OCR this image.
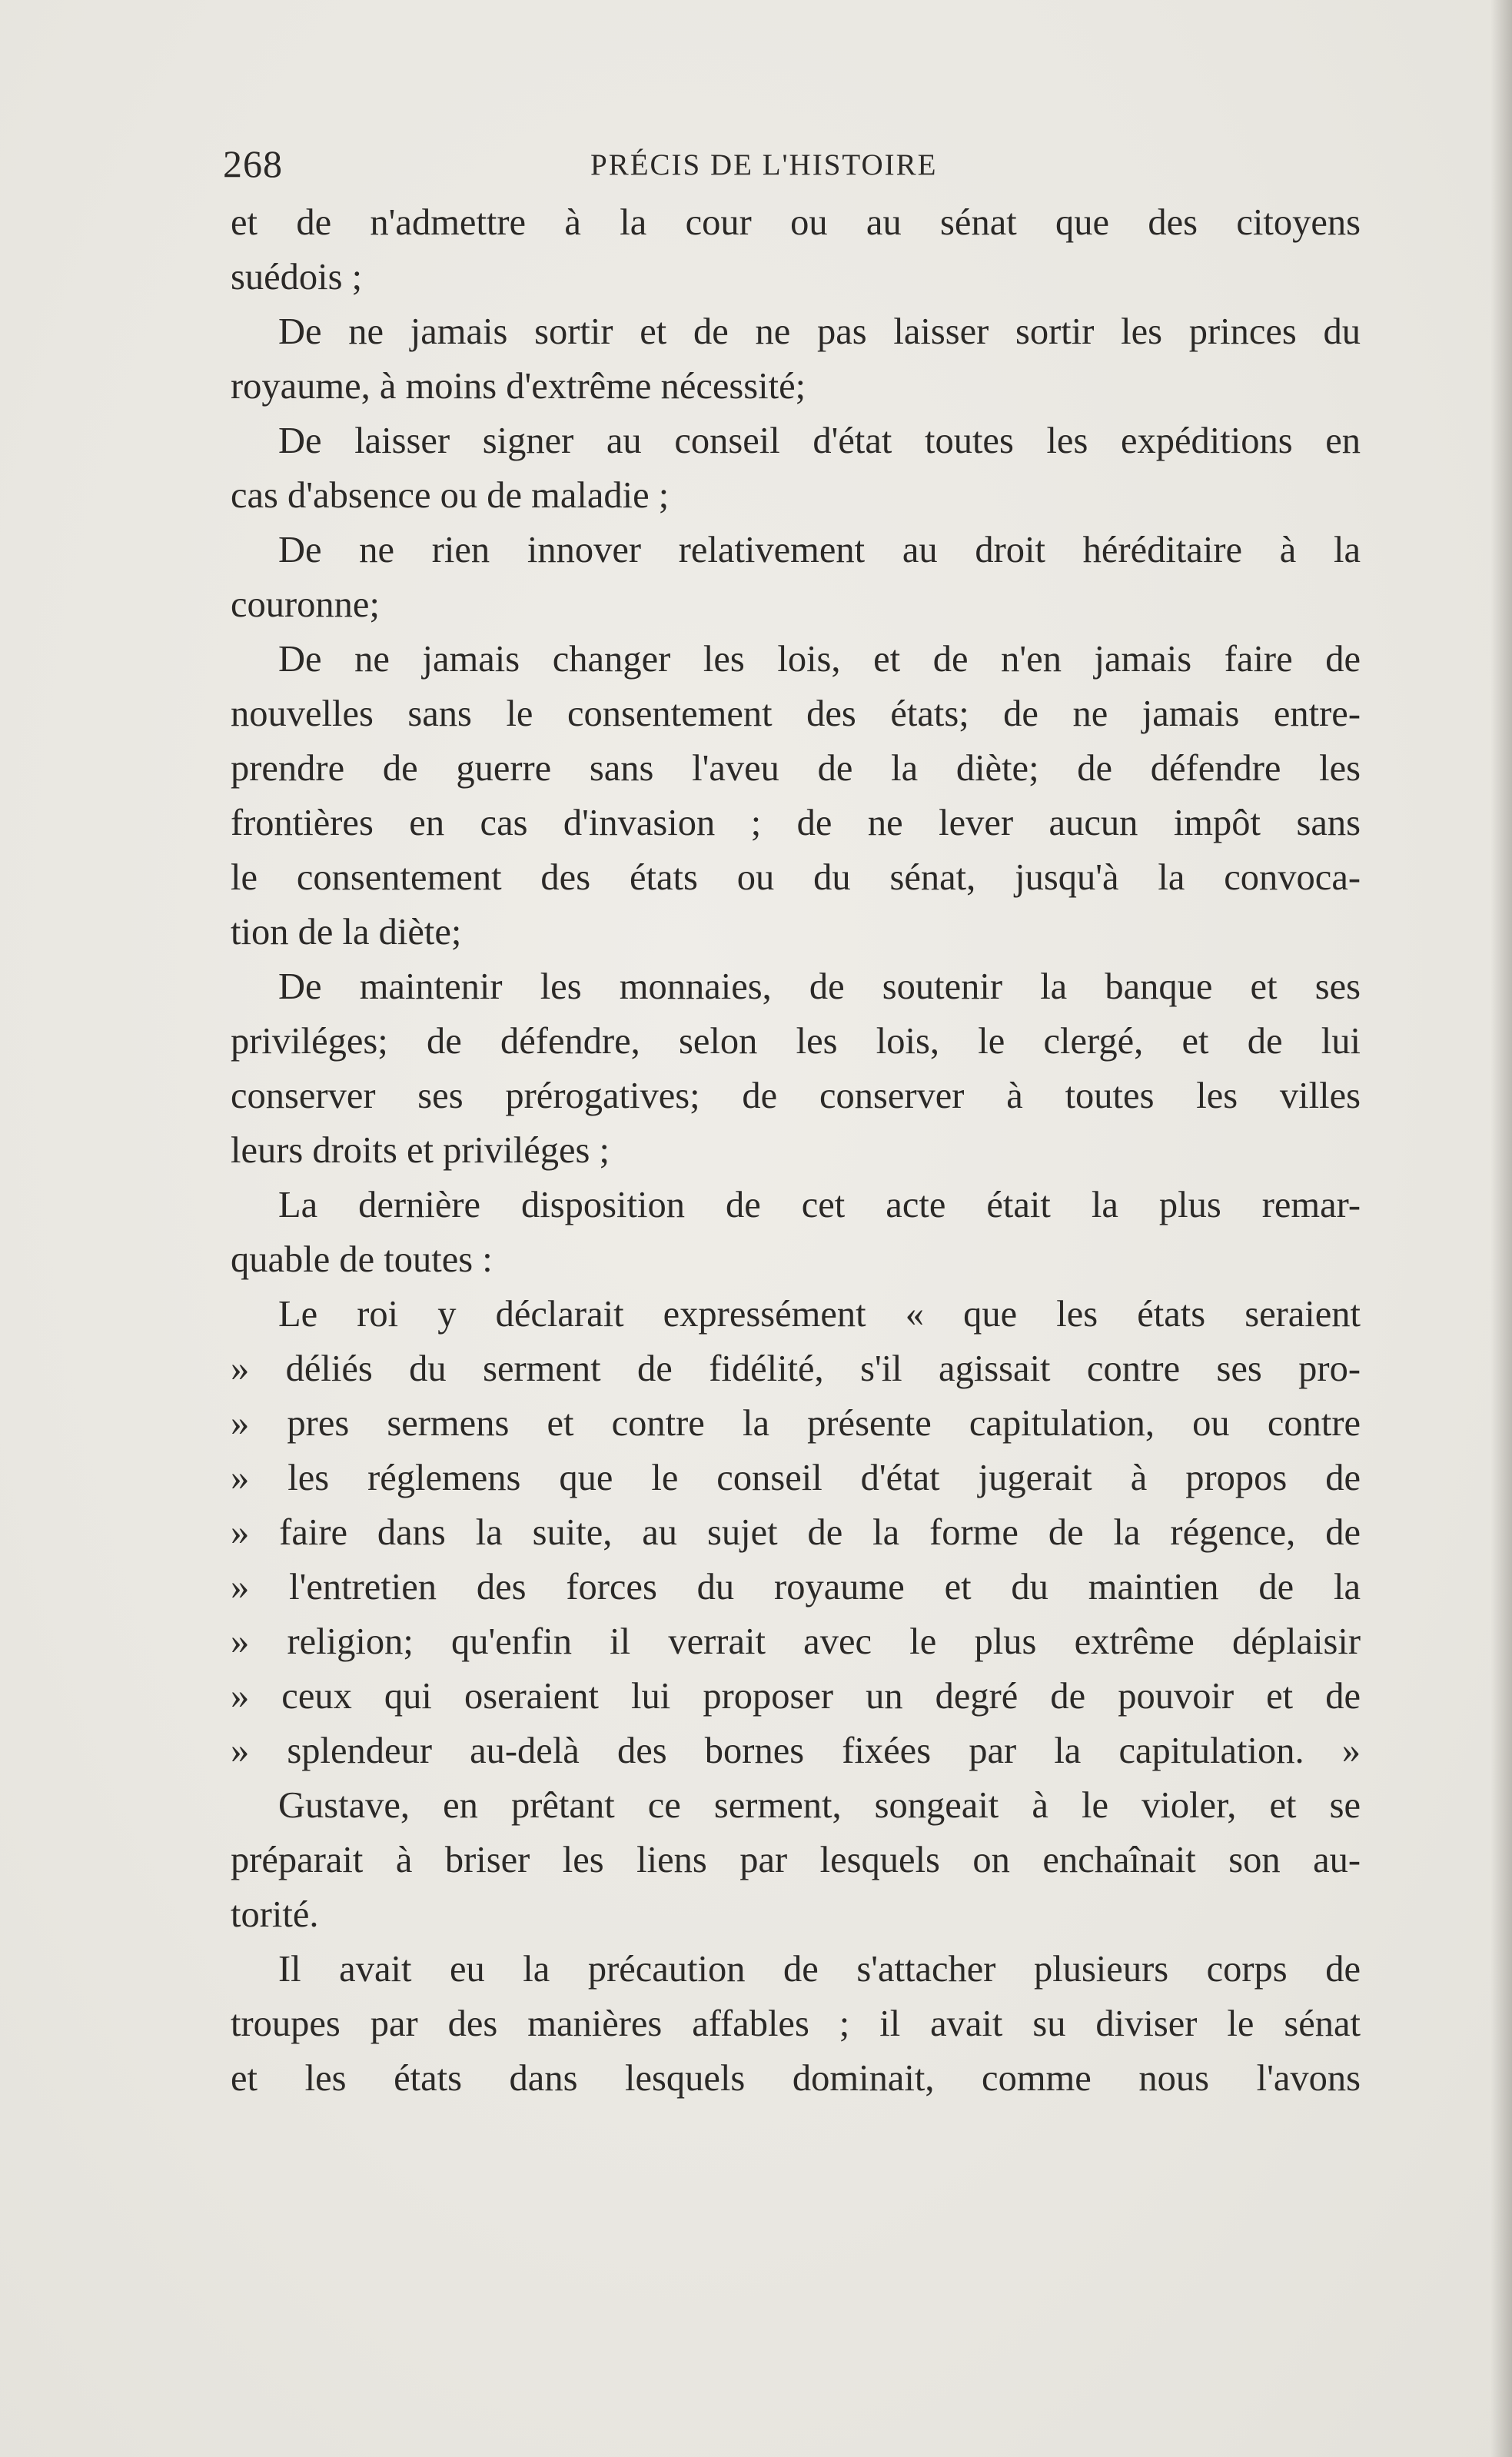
268	PRÉCIS DE L'HISTOIRE
et de n'admettre à la cour ou au sénat que des citoyens
suédois ;
De ne jamais sortir et de ne pas laisser sortir les princes du
royaume, à moins d'extrême nécessité;
De laisser signer au conseil d'état toutes les expéditions en
cas d'absence ou de maladie ;
De ne rien innover relativement au droit héréditaire à la
couronne;
De ne jamais changer les lois, et de n'en jamais faire de
nouvelles sans le consentement des états; de ne jamais entre-
prendre de guerre sans l'aveu de la diète; de défendre les
frontières en cas d'invasion ; de ne lever aucun impôt sans
le consentement des états ou du sénat, jusqu'à la convoca-
tion de la diète;
De maintenir les monnaies, de soutenir la banque et ses
priviléges; de défendre, selon les lois, le clergé, et de lui
conserver ses prérogatives; de conserver à toutes les villes
leurs droits et priviléges ;
La dernière disposition de cet acte était la plus remar-
quable de toutes :
Le roi y déclarait expressément « que les états seraient
» déliés du serment de fidélité, s'il agissait contre ses pro-
» pres sermens et contre la présente capitulation, ou contre
» les réglemens que le conseil d'état jugerait à propos de
» faire dans la suite, au sujet de la forme de la régence, de
» l'entretien des forces du royaume et du maintien de la
» religion; qu'enfin il verrait avec le plus extrême déplaisir
» ceux qui oseraient lui proposer un degré de pouvoir et de
» splendeur au-delà des bornes fixées par la capitulation. »
Gustave, en prêtant ce serment, songeait à le violer, et se
préparait à briser les liens par lesquels on enchaînait son au-
torité.
Il avait eu la précaution de s'attacher plusieurs corps de
troupes par des manières affables ; il avait su diviser le sénat
et les états dans lesquels dominait, comme nous l'avons
